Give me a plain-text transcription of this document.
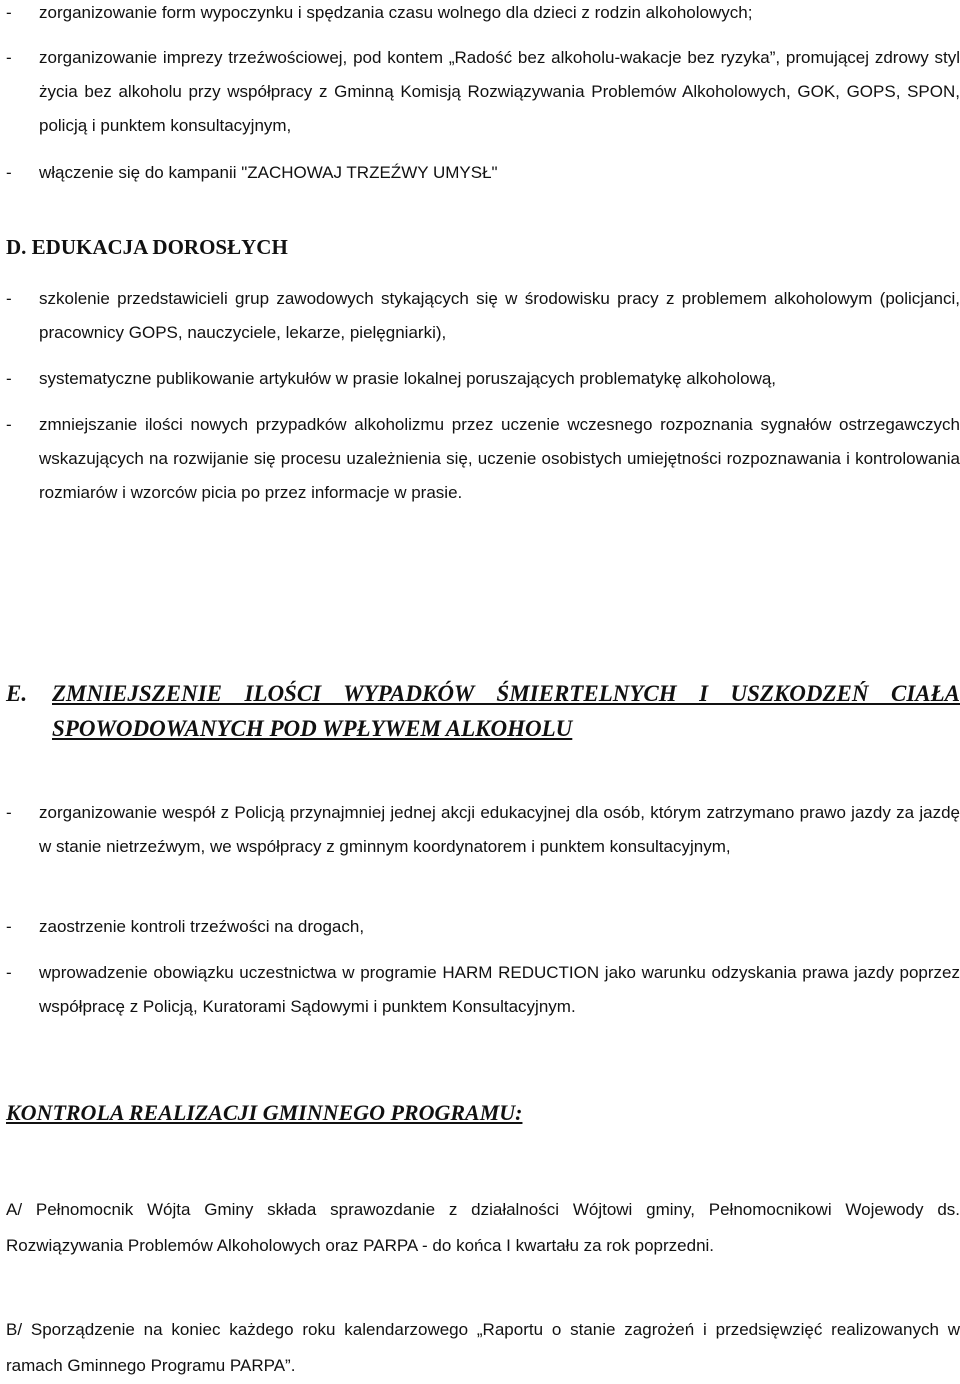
- zorganizowanie form wypoczynku i spędzania czasu wolnego dla dzieci z rodzin alkoholowych;
- zorganizowanie imprezy trzeźwościowej, pod kontem „Radość bez alkoholu-wakacje bez ryzyka”, promującej zdrowy styl życia bez alkoholu przy współpracy z Gminną Komisją Rozwiązywania Problemów Alkoholowych, GOK, GOPS, SPON, policją i punktem konsultacyjnym,
- włączenie się do kampanii "ZACHOWAJ TRZEŹWY UMYSŁ"
D. EDUKACJA DOROSŁYCH
- szkolenie przedstawicieli grup zawodowych stykających się w środowisku pracy z problemem alkoholowym (policjanci, pracownicy GOPS, nauczyciele, lekarze, pielęgniarki),
- systematyczne publikowanie artykułów w prasie lokalnej poruszających problematykę alkoholową,
- zmniejszanie ilości nowych przypadków alkoholizmu przez uczenie wczesnego rozpoznania sygnałów ostrzegawczych wskazujących na rozwijanie się procesu uzależnienia się, uczenie osobistych umiejętności rozpoznawania i kontrolowania rozmiarów i wzorców picia po przez informacje w prasie.
E. ZMNIEJSZENIE ILOŚCI WYPADKÓW ŚMIERTELNYCH I USZKODZEŃ CIAŁA SPOWODOWANYCH POD WPŁYWEM ALKOHOLU
- zorganizowanie wespół z Policją przynajmniej jednej akcji edukacyjnej dla osób, którym zatrzymano prawo jazdy za jazdę w stanie nietrzeźwym, we współpracy z gminnym koordynatorem i punktem konsultacyjnym,
- zaostrzenie kontroli trzeźwości na drogach,
- wprowadzenie obowiązku uczestnictwa w programie HARM REDUCTION jako warunku odzyskania prawa jazdy poprzez współpracę z Policją, Kuratorami Sądowymi i punktem Konsultacyjnym.
KONTROLA REALIZACJI GMINNEGO PROGRAMU:
A/ Pełnomocnik Wójta Gminy składa sprawozdanie z działalności Wójtowi gminy, Pełnomocnikowi Wojewody ds. Rozwiązywania Problemów Alkoholowych oraz PARPA - do końca I kwartału za rok poprzedni.
B/ Sporządzenie na koniec każdego roku kalendarzowego „Raportu o stanie zagrożeń i przedsięwzięć realizowanych w ramach Gminnego Programu PARPA”.
